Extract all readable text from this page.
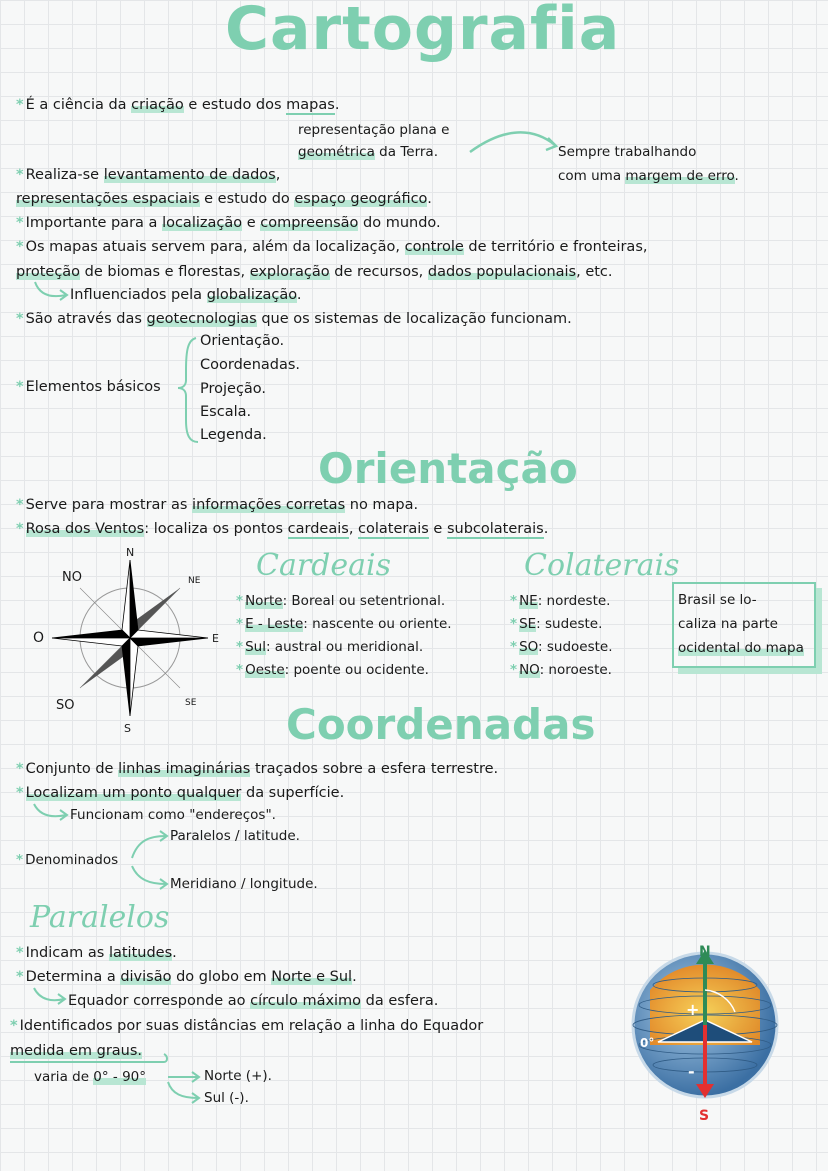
Cartografia
* É a ciência da criação e estudo dos mapas.
representação plana e
geométrica da Terra.	Sempre trabalhando
com uma margem de erro.
* Realiza-se levantamento de dados,
representações espaciais e estudo do espaço geográfico.
* Importante para a localização e compreensão do mundo.
* Os mapas atuais servem para, além da localização, controle de território e fronteiras,
proteção de biomas e florestas, exploração de recursos, dados populacionais, etc.
Influenciados pela globalização.
* São através das geotecnologias que os sistemas de localização funcionam.
* Elementos básicos
Orientação.
Coordenadas.
Projeção.
Escala.
Legenda.
Orientação
* Serve para mostrar as informações corretas no mapa.
* Rosa dos Ventos: localiza os pontos cardeais, colaterais e subcolaterais.
N
S
E
O
NO	NE
SO	SE
Cardeais
* Norte: Boreal ou setentrional.
* E - Leste: nascente ou oriente.
* Sul: austral ou meridional.
* Oeste: poente ou ocidente.
Colaterais
* NE: nordeste.
* SE: sudeste.
* SO: sudoeste.
* NO: noroeste.
Brasil se lo-
caliza na parte
ocidental do mapa
Coordenadas
* Conjunto de linhas imaginárias traçados sobre a esfera terrestre.
* Localizam um ponto qualquer da superfície.
Funcionam como "endereços".
* Denominados
Paralelos / latitude.
Meridiano / longitude.
Paralelos
* Indicam as latitudes.
* Determina a divisão do globo em Norte e Sul.
Equador corresponde ao círculo máximo da esfera.
* Identificados por suas distâncias em relação a linha do Equador
medida em graus.
varia de 0° - 90°	Norte (+).
Sul (-).
N
S
0°
+
-
